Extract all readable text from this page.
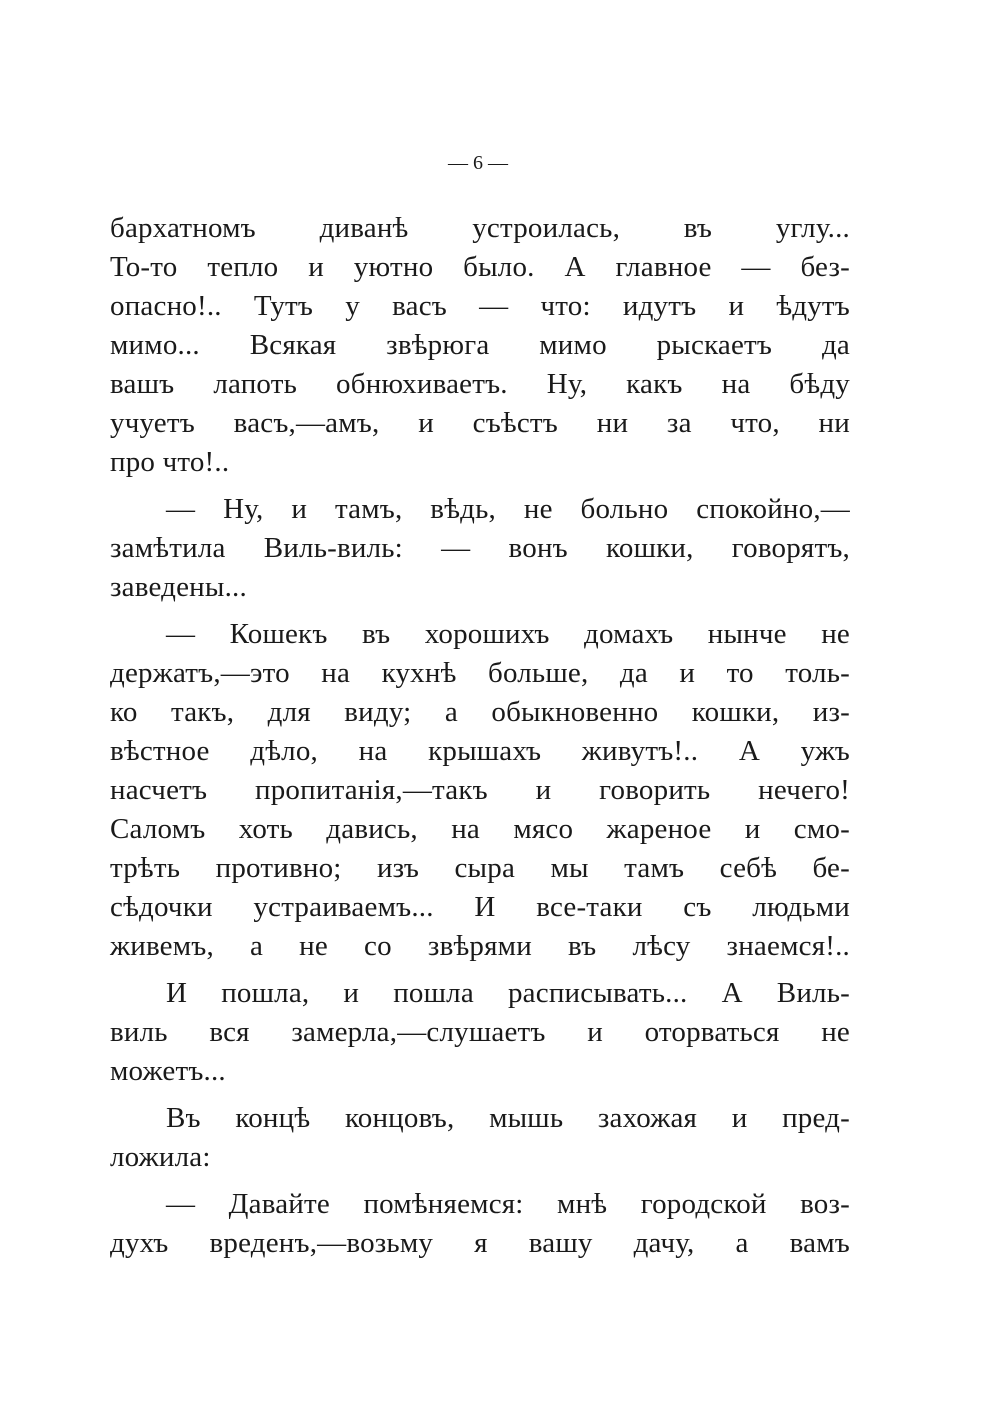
— 6 —
бархатномъ диванѣ устроилась, въ углу...
То-то тепло и уютно было. А главное — без-
опасно!.. Тутъ у васъ — что: идутъ и ѣдутъ
мимо... Всякая звѣрюга мимо рыскаетъ да
вашъ лапоть обнюхиваетъ. Ну, какъ на бѣду
учуетъ васъ,—амъ, и съѣстъ ни за что, ни
про что!..
— Ну, и тамъ, вѣдь, не больно спокойно,—
замѣтила Виль-виль: — вонъ кошки, говорятъ,
заведены...
— Кошекъ въ хорошихъ домахъ нынче не
держатъ,—это на кухнѣ больше, да и то толь-
ко такъ, для виду; а обыкновенно кошки, из-
вѣстное дѣло, на крышахъ живутъ!.. А ужъ
насчетъ пропитанія,—такъ и говорить нечего!
Саломъ хоть давись, на мясо жареное и смо-
трѣть противно; изъ сыра мы тамъ себѣ бе-
сѣдочки устраиваемъ... И все-таки съ людьми
живемъ, а не со звѣрями въ лѣсу знаемся!..
И пошла, и пошла расписывать... А Виль-
виль вся замерла,—слушаетъ и оторваться не
можетъ...
Въ концѣ концовъ, мышь захожая и пред-
ложила:
— Давайте помѣняемся: мнѣ городской воз-
духъ вреденъ,—возьму я вашу дачу, а вамъ
